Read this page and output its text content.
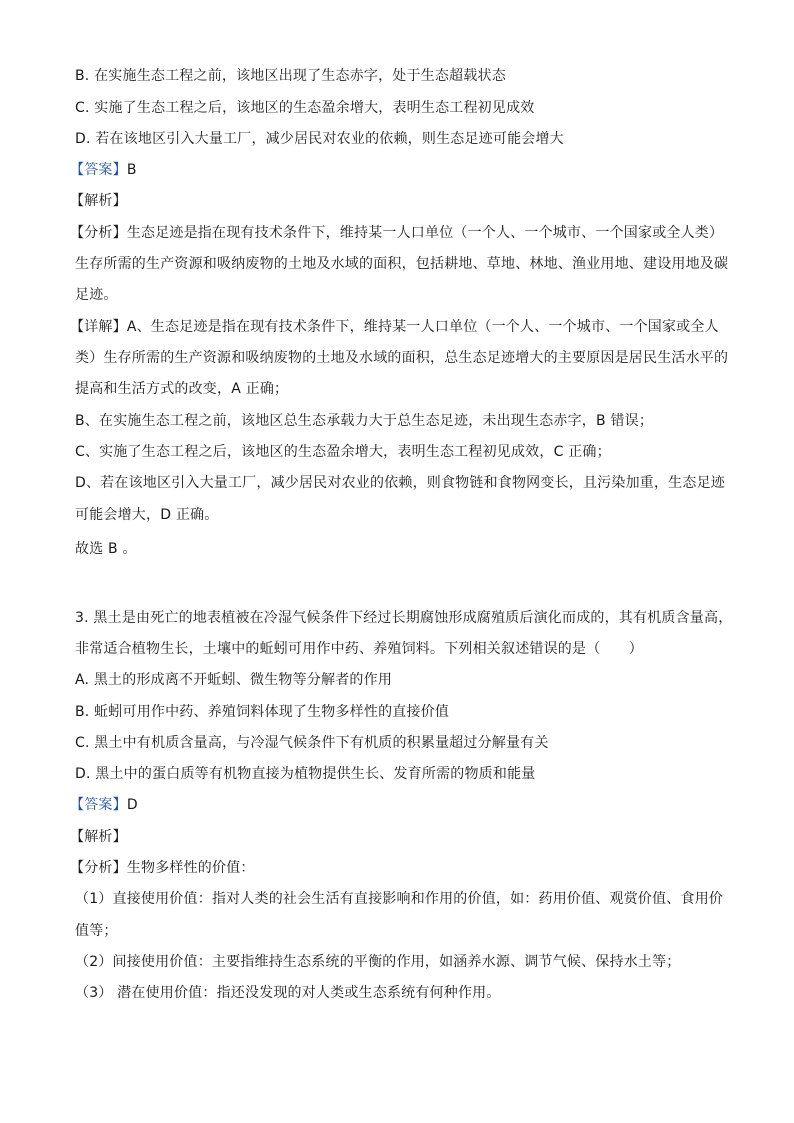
B. 在实施生态工程之前，该地区出现了生态赤字，处于生态超载状态
C. 实施了生态工程之后，该地区的生态盈余增大，表明生态工程初见成效
D. 若在该地区引入大量工厂，减少居民对农业的依赖，则生态足迹可能会增大
【答案】B
【解析】
【分析】生态足迹是指在现有技术条件下，维持某一人口单位（一个人、一个城市、一个国家或全人类）
生存所需的生产资源和吸纳废物的土地及水域的面积，包括耕地、草地、林地、渔业用地、建设用地及碳
足迹。
【详解】A、生态足迹是指在现有技术条件下，维持某一人口单位（一个人、一个城市、一个国家或全人
类）生存所需的生产资源和吸纳废物的土地及水域的面积，总生态足迹增大的主要原因是居民生活水平的
提高和生活方式的改变，A 正确；
B、在实施生态工程之前，该地区总生态承载力大于总生态足迹，未出现生态赤字，B 错误；
C、实施了生态工程之后，该地区的生态盈余增大，表明生态工程初见成效，C 正确；
D、若在该地区引入大量工厂，减少居民对农业的依赖，则食物链和食物网变长，且污染加重，生态足迹
可能会增大，D 正确。
故选 B 。
3. 黑土是由死亡的地表植被在冷湿气候条件下经过长期腐蚀形成腐殖质后演化而成的，其有机质含量高，
非常适合植物生长，土壤中的蚯蚓可用作中药、养殖饲料。下列相关叙述错误的是（　　）
A. 黑土的形成离不开蚯蚓、微生物等分解者的作用
B. 蚯蚓可用作中药、养殖饲料体现了生物多样性的直接价值
C. 黑土中有机质含量高，与冷湿气候条件下有机质的积累量超过分解量有关
D. 黑土中的蛋白质等有机物直接为植物提供生长、发育所需的物质和能量
【答案】D
【解析】
【分析】生物多样性的价值：
（1）直接使用价值：指对人类的社会生活有直接影响和作用的价值，如：药用价值、观赏价值、食用价
值等；
（2）间接使用价值：主要指维持生态系统的平衡的作用，如涵养水源、调节气候、保持水土等；
（3） 潜在使用价值：指还没发现的对人类或生态系统有何种作用。
